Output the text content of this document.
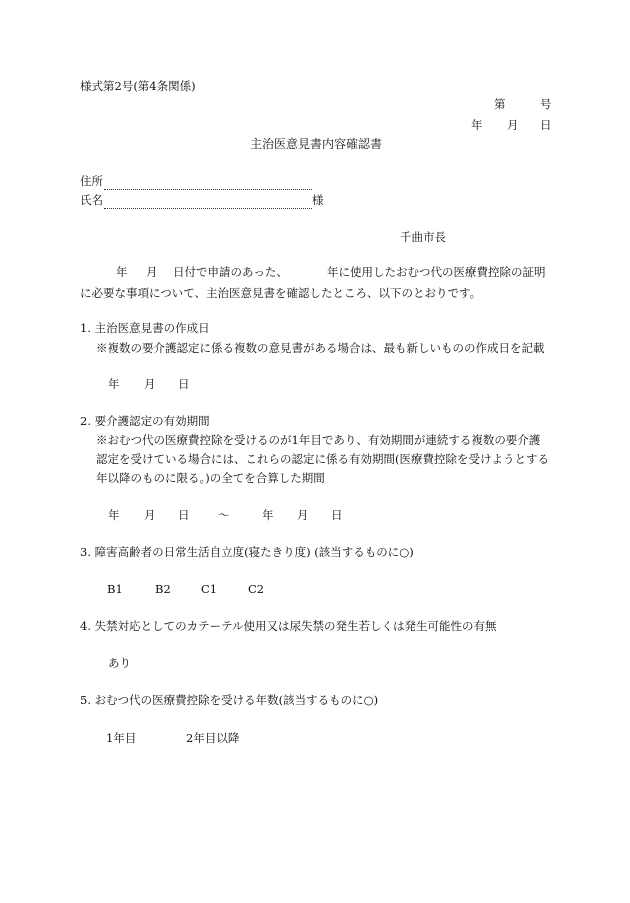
様式第2号(第4条関係)
第	号
年 月 日
主治医意見書内容確認書
住所
氏名	様
千曲市長
年 月 日付で申請のあった、	年に使用したおむつ代の医療費控除の証明
に必要な事項について、主治医意見書を確認したところ、以下のとおりです。
1. 主治医意見書の作成日
※複数の要介護認定に係る複数の意見書がある場合は、最も新しいものの作成日を記載
年 月 日
2. 要介護認定の有効期間
※おむつ代の医療費控除を受けるのが1年目であり、有効期間が連続する複数の要介護
認定を受けている場合には、これらの認定に係る有効期間(医療費控除を受けようとする
年以降のものに限る。)の全てを合算した期間
年 月 日 ～	年 月 日
3. 障害高齢者の日常生活自立度(寝たきり度) (該当するものに○)
B1	B2	C1	C2
4. 失禁対応としてのカテーテル使用又は尿失禁の発生若しくは発生可能性の有無
あり
5. おむつ代の医療費控除を受ける年数(該当するものに○)
1年目	2年目以降
